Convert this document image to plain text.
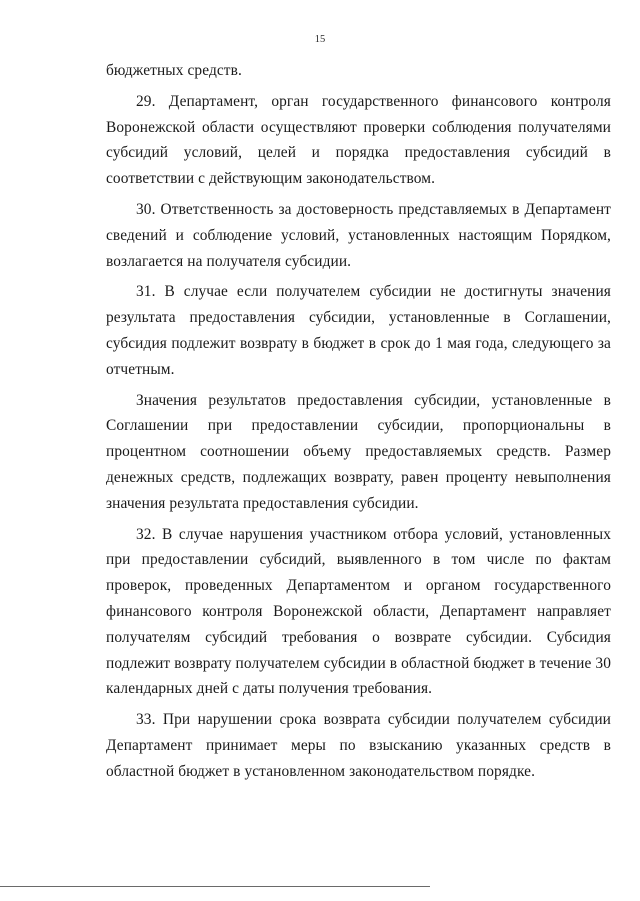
15

бюджетных средств.

29. Департамент, орган государственного финансового контроля Воронежской области осуществляют проверки соблюдения получателями субсидий условий, целей и порядка предоставления субсидий в соответствии с действующим законодательством.

30. Ответственность за достоверность представляемых в Департамент сведений и соблюдение условий, установленных настоящим Порядком, возлагается на получателя субсидии.

31. В случае если получателем субсидии не достигнуты значения результата предоставления субсидии, установленные в Соглашении, субсидия подлежит возврату в бюджет в срок до 1 мая года, следующего за отчетным.

Значения результатов предоставления субсидии, установленные в Соглашении при предоставлении субсидии, пропорциональны в процентном соотношении объему предоставляемых средств. Размер денежных средств, подлежащих возврату, равен проценту невыполнения значения результата предоставления субсидии.

32. В случае нарушения участником отбора условий, установленных при предоставлении субсидий, выявленного в том числе по фактам проверок, проведенных Департаментом и органом государственного финансового контроля Воронежской области, Департамент направляет получателям субсидий требования о возврате субсидии. Субсидия подлежит возврату получателем субсидии в областной бюджет в течение 30 календарных дней с даты получения требования.

33. При нарушении срока возврата субсидии получателем субсидии Департамент принимает меры по взысканию указанных средств в областной бюджет в установленном законодательством порядке.
